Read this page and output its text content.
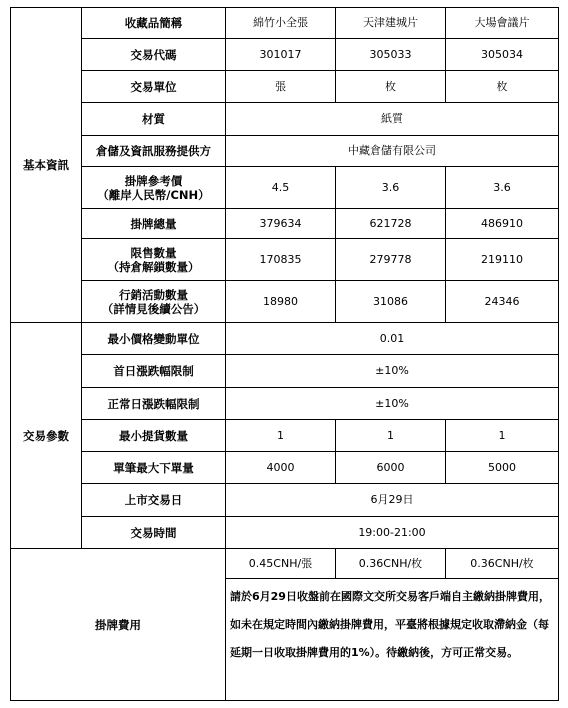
基本資訊	收藏品簡稱	綿竹小全張	天津建城片	大場會議片
	交易代碼	301017	305033	305034
	交易單位	張	枚	枚
	材質	紙質		
	倉儲及資訊服務提供方	中藏倉儲有限公司		

	掛牌參考價
（離岸人民幣/CNH）	4.5	3.6	3.6
	掛牌總量	379634	621728	486910

	限售數量
（持倉解鎖數量）	170835	279778	219110

	行銷活動數量
（詳情見後續公告）	18980	31086	24346
交易參數	最小價格變動單位	0.01		
	首日漲跌幅限制	±10%		
	正常日漲跌幅限制	±10%		
	最小提貨數量	1	1	1
	單筆最大下單量	4000	6000	5000
	上市交易日	6月29日		
	交易時間	19:00-21:00		
掛牌費用		0.45CNH/張	0.36CNH/枚	0.36CNH/枚
		請於6月29日收盤前在國際文交所交易客戶端自主繳納掛牌費用，如未在規定時間內繳納掛牌費用，平臺將根據規定收取滯納金（每延期一日收取掛牌費用的1%）。待繳納後，方可正常交易。		
